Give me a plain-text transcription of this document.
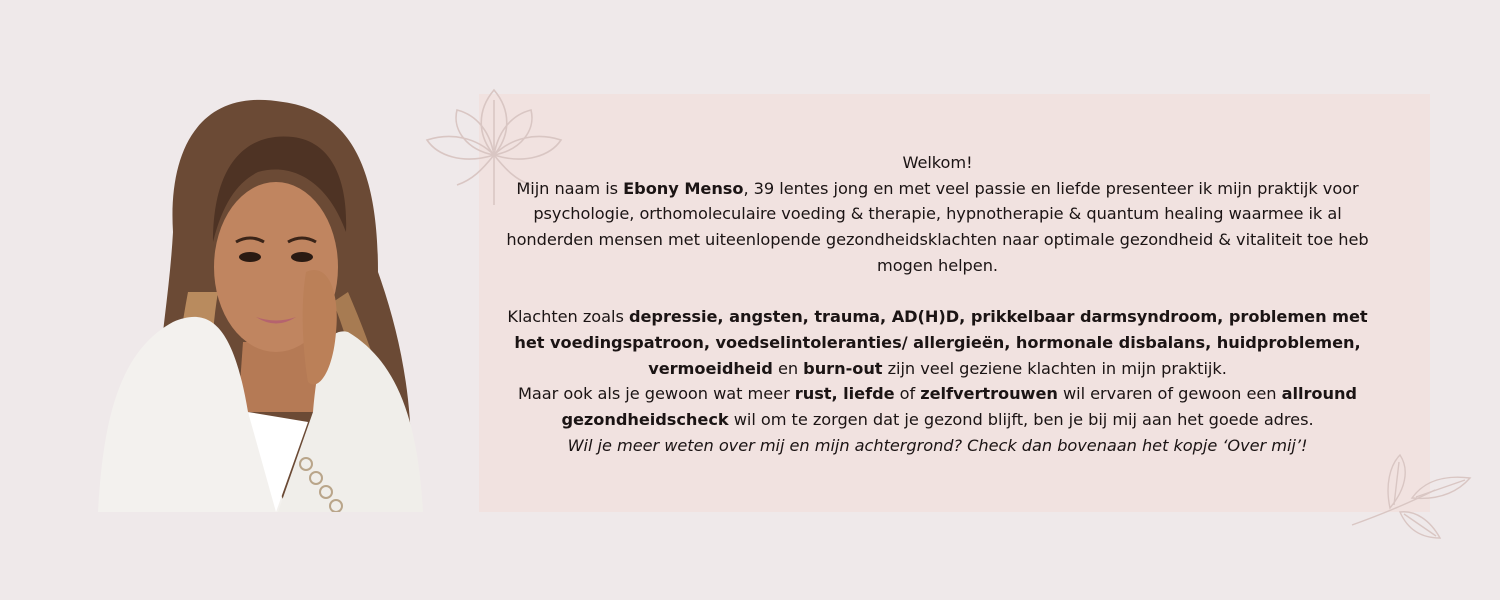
Welkom!

Mijn naam is Ebony Menso, 39 lentes jong en met veel passie en liefde presenteer ik mijn praktijk voor psychologie, orthomoleculaire voeding & therapie, hypnotherapie & quantum healing waarmee ik al honderden mensen met uiteenlopende gezondheidsklachten naar optimale gezondheid & vitaliteit toe heb mogen helpen.

Klachten zoals depressie, angsten, trauma, AD(H)D, prikkelbaar darmsyndroom, problemen met het voedingspatroon, voedselintoleranties/ allergieën, hormonale disbalans, huidproblemen, vermoeidheid en burn-out zijn veel geziene klachten in mijn praktijk.

Maar ook als je gewoon wat meer rust, liefde of zelfvertrouwen wil ervaren of gewoon een allround gezondheidscheck wil om te zorgen dat je gezond blijft, ben je bij mij aan het goede adres.

Wil je meer weten over mij en mijn achtergrond? Check dan bovenaan het kopje ‘Over mij’!
